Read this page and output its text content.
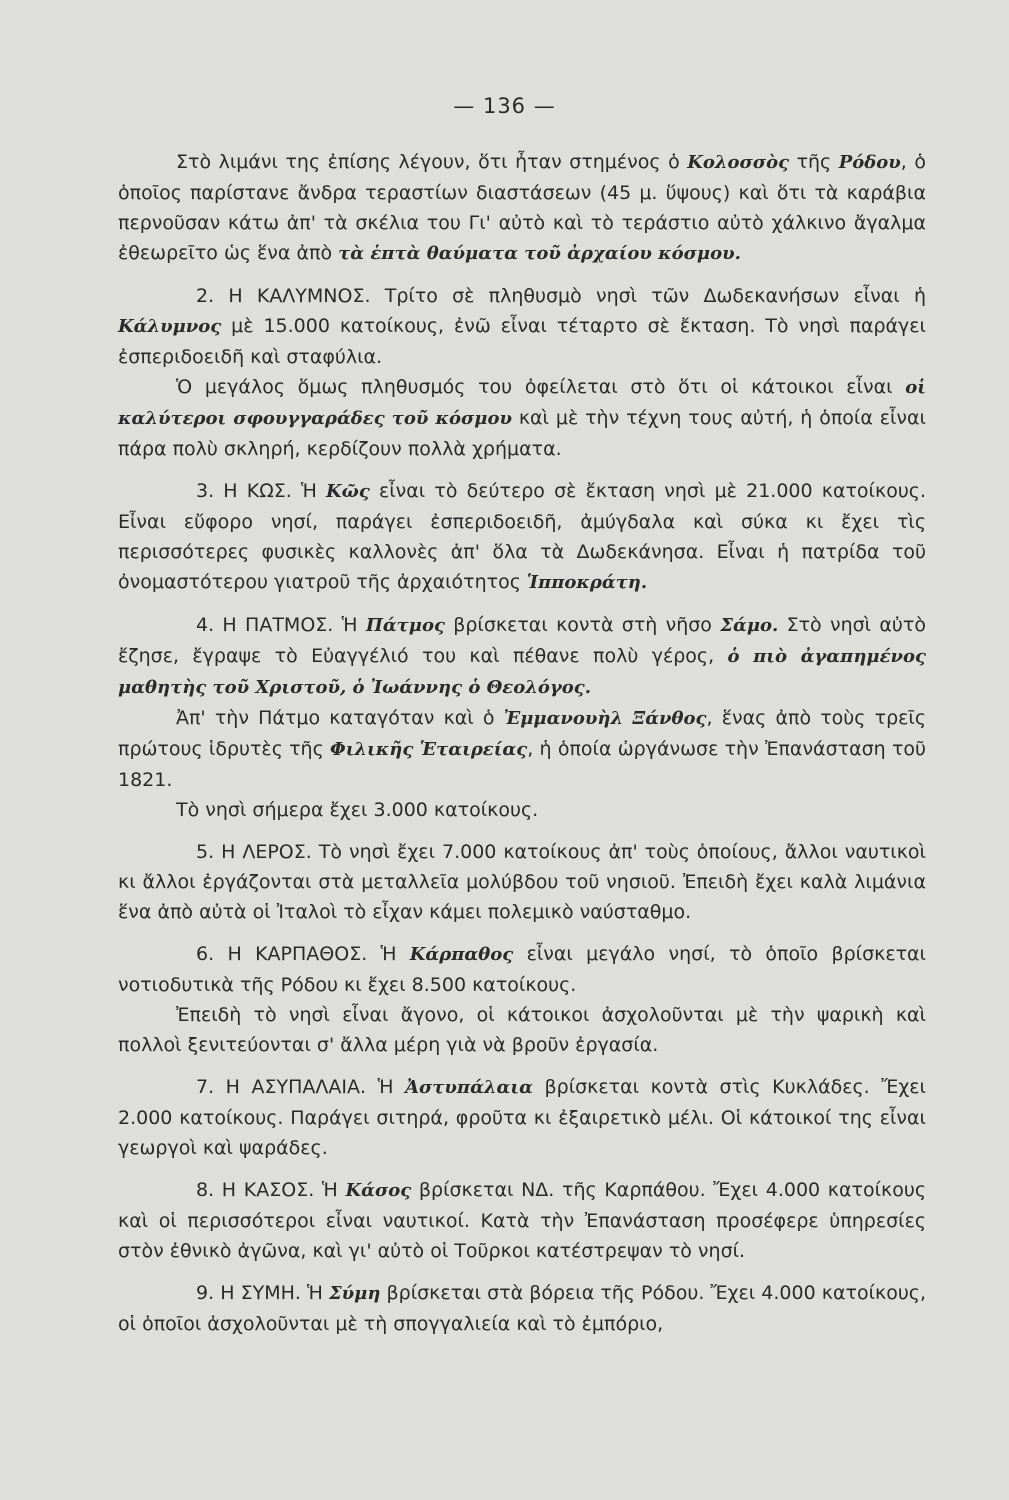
— 136 —

Στὸ λιμάνι της ἐπίσης λέγουν, ὅτι ἦταν στημένος ὁ Κολοσσὸς τῆς Ρόδου, ὁ ὁποῖος παρίστανε ἄνδρα τεραστίων διαστάσεων (45 μ. ὕψους) καὶ ὅτι τὰ καράβια περνοῦσαν κάτω ἀπ' τὰ σκέλια του Γι' αὐτὸ καὶ τὸ τεράστιο αὐτὸ χάλκινο ἄγαλμα ἐθεωρεῖτο ὡς ἕνα ἀπὸ τὰ ἑπτὰ θαύματα τοῦ ἀρχαίου κόσμου.

2. Η ΚΑΛΥΜΝΟΣ. Τρίτο σὲ πληθυσμὸ νησὶ τῶν Δωδεκανήσων εἶναι ἡ Κάλυμνος μὲ 15.000 κατοίκους, ἐνῶ εἶναι τέταρτο σὲ ἔκταση. Τὸ νησὶ παράγει ἐσπεριδοειδῆ καὶ σταφύλια.

Ὁ μεγάλος ὅμως πληθυσμός του ὀφείλεται στὸ ὅτι οἱ κάτοικοι εἶναι οἱ καλύτεροι σφουγγαράδες τοῦ κόσμου καὶ μὲ τὴν τέχνη τους αὐτή, ἡ ὁποία εἶναι πάρα πολὺ σκληρή, κερδίζουν πολλὰ χρήματα.

3. Η ΚΩΣ. Ἡ Κῶς εἶναι τὸ δεύτερο σὲ ἔκταση νησὶ μὲ 21.000 κατοίκους. Εἶναι εὔφορο νησί, παράγει ἐσπεριδοειδῆ, ἀμύγδαλα καὶ σύκα κι ἔχει τὶς περισσότερες φυσικὲς καλλονὲς ἀπ' ὅλα τὰ Δωδεκάνησα. Εἶναι ἡ πατρίδα τοῦ ὀνομαστότερου γιατροῦ τῆς ἀρχαιότητος Ἱπποκράτη.

4. Η ΠΑΤΜΟΣ. Ἡ Πάτμος βρίσκεται κοντὰ στὴ νῆσο Σάμο. Στὸ νησὶ αὐτὸ ἔζησε, ἔγραψε τὸ Εὐαγγέλιό του καὶ πέθανε πολὺ γέρος, ὁ πιὸ ἀγαπημένος μαθητὴς τοῦ Χριστοῦ, ὁ Ἰωάννης ὁ Θεολόγος.

Ἀπ' τὴν Πάτμο καταγόταν καὶ ὁ Ἐμμανουὴλ Ξάνθος, ἕνας ἀπὸ τοὺς τρεῖς πρώτους ἱδρυτὲς τῆς Φιλικῆς Ἑταιρείας, ἡ ὁποία ὠργάνωσε τὴν Ἐπανάσταση τοῦ 1821.

Τὸ νησὶ σήμερα ἔχει 3.000 κατοίκους.

5. Η ΛΕΡΟΣ. Τὸ νησὶ ἔχει 7.000 κατοίκους ἀπ' τοὺς ὁποίους, ἄλλοι ναυτικοὶ κι ἄλλοι ἐργάζονται στὰ μεταλλεῖα μολύβδου τοῦ νησιοῦ. Ἐπειδὴ ἔχει καλὰ λιμάνια ἕνα ἀπὸ αὐτὰ οἱ Ἰταλοὶ τὸ εἶχαν κάμει πολεμικὸ ναύσταθμο.

6. Η ΚΑΡΠΑΘΟΣ. Ἡ Κάρπαθος εἶναι μεγάλο νησί, τὸ ὁποῖο βρίσκεται νοτιοδυτικὰ τῆς Ρόδου κι ἔχει 8.500 κατοίκους.

Ἐπειδὴ τὸ νησὶ εἶναι ἄγονο, οἱ κάτοικοι ἀσχολοῦνται μὲ τὴν ψαρικὴ καὶ πολλοὶ ξενιτεύονται σ' ἄλλα μέρη γιὰ νὰ βροῦν ἐργασία.

7. Η ΑΣΥΠΑΛΑΙΑ. Ἡ Ἀστυπάλαια βρίσκεται κοντὰ στὶς Κυκλάδες. Ἔχει 2.000 κατοίκους. Παράγει σιτηρά, φροῦτα κι ἐξαιρετικὸ μέλι. Οἱ κάτοικοί της εἶναι γεωργοὶ καὶ ψαράδες.

8. Η ΚΑΣΟΣ. Ἡ Κάσος βρίσκεται ΝΔ. τῆς Καρπάθου. Ἔχει 4.000 κατοίκους καὶ οἱ περισσότεροι εἶναι ναυτικοί. Κατὰ τὴν Ἐπανάσταση προσέφερε ὑπηρεσίες στὸν ἐθνικὸ ἀγῶνα, καὶ γι' αὐτὸ οἱ Τοῦρκοι κατέστρεψαν τὸ νησί.

9. Η ΣΥΜΗ. Ἡ Σύμη βρίσκεται στὰ βόρεια τῆς Ρόδου. Ἔχει 4.000 κατοίκους, οἱ ὁποῖοι ἀσχολοῦνται μὲ τὴ σπογγαλιεία καὶ τὸ ἐμπόριο,
